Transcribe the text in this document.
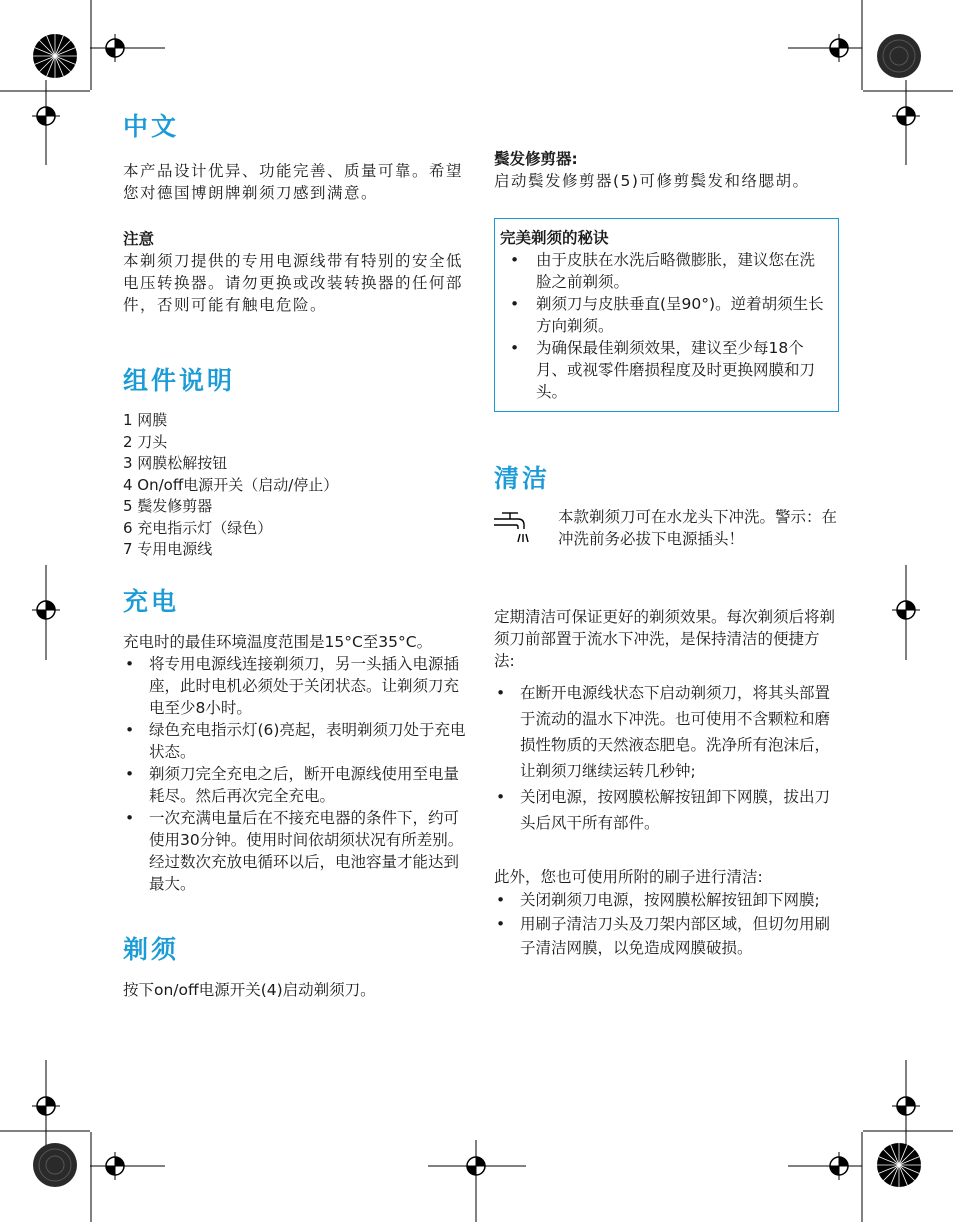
中文

本产品设计优异、功能完善、质量可靠。希望您对德国博朗牌剃须刀感到满意。

注意

本剃须刀提供的专用电源线带有特别的安全低电压转换器。请勿更换或改装转换器的任何部件，否则可能有触电危险。

组件说明
1 网膜
2 刀头
3 网膜松解按钮
4 On/off电源开关（启动/停止）
5 鬓发修剪器
6 充电指示灯（绿色）
7 专用电源线
充电

充电时的最佳环境温度范围是15°C至35°C。

• 将专用电源线连接剃须刀，另一头插入电源插座，此时电机必须处于关闭状态。让剃须刀充电至少8小时。
• 绿色充电指示灯(6)亮起，表明剃须刀处于充电状态。
• 剃须刀完全充电之后，断开电源线使用至电量耗尽。然后再次完全充电。
• 一次充满电量后在不接充电器的条件下，约可使用30分钟。使用时间依胡须状况有所差别。经过数次充放电循环以后，电池容量才能达到最大。
剃须

按下on/off电源开关(4)启动剃须刀。

鬓发修剪器:

启动鬓发修剪器(5)可修剪鬓发和络腮胡。

完美剃须的秘诀

• 由于皮肤在水洗后略微膨胀，建议您在洗脸之前剃须。
• 剃须刀与皮肤垂直(呈90°)。逆着胡须生长方向剃须。
• 为确保最佳剃须效果，建议至少每18个月、或视零件磨损程度及时更换网膜和刀头。
清洁

本款剃须刀可在水龙头下冲洗。警示：在冲洗前务必拔下电源插头！

定期清洁可保证更好的剃须效果。每次剃须后将剃须刀前部置于流水下冲洗，是保持清洁的便捷方法:

• 在断开电源线状态下启动剃须刀，将其头部置于流动的温水下冲洗。也可使用不含颗粒和磨损性物质的天然液态肥皂。洗净所有泡沫后，让剃须刀继续运转几秒钟;
• 关闭电源，按网膜松解按钮卸下网膜，拔出刀头后风干所有部件。

此外，您也可使用所附的刷子进行清洁:

• 关闭剃须刀电源，按网膜松解按钮卸下网膜;
• 用刷子清洁刀头及刀架内部区域，但切勿用刷子清洁网膜，以免造成网膜破损。
